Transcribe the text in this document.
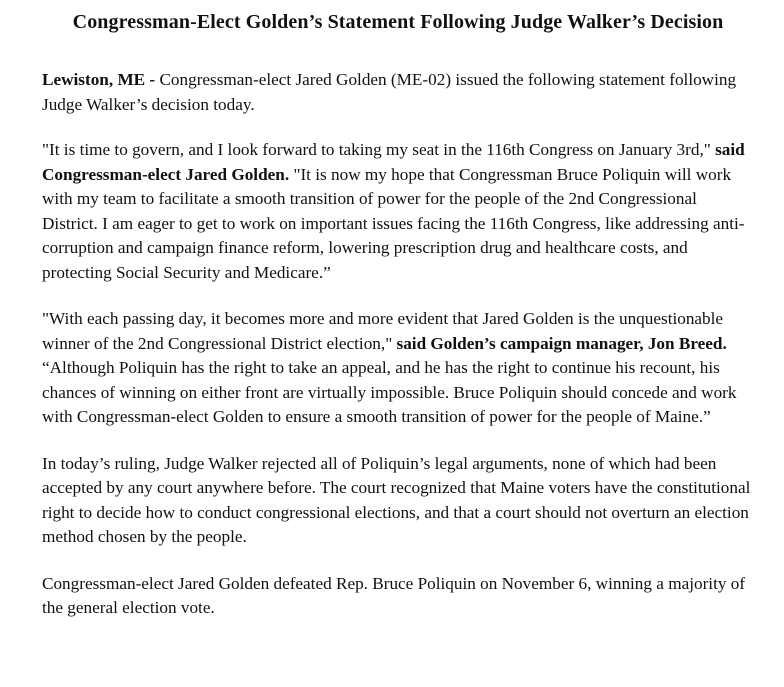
Congressman-Elect Golden’s Statement Following Judge Walker’s Decision

Lewiston, ME - Congressman-elect Jared Golden (ME-02) issued the following statement following Judge Walker’s decision today.

"It is time to govern, and I look forward to taking my seat in the 116th Congress on January 3rd," said Congressman-elect Jared Golden. "It is now my hope that Congressman Bruce Poliquin will work with my team to facilitate a smooth transition of power for the people of the 2nd Congressional District. I am eager to get to work on important issues facing the 116th Congress, like addressing anti-corruption and campaign finance reform, lowering prescription drug and healthcare costs, and protecting Social Security and Medicare.”

"With each passing day, it becomes more and more evident that Jared Golden is the unquestionable winner of the 2nd Congressional District election," said Golden’s campaign manager, Jon Breed. “Although Poliquin has the right to take an appeal, and he has the right to continue his recount, his chances of winning on either front are virtually impossible. Bruce Poliquin should concede and work with Congressman-elect Golden to ensure a smooth transition of power for the people of Maine.”

In today’s ruling, Judge Walker rejected all of Poliquin’s legal arguments, none of which had been accepted by any court anywhere before. The court recognized that Maine voters have the constitutional right to decide how to conduct congressional elections, and that a court should not overturn an election method chosen by the people.

Congressman-elect Jared Golden defeated Rep. Bruce Poliquin on November 6, winning a majority of the general election vote.
